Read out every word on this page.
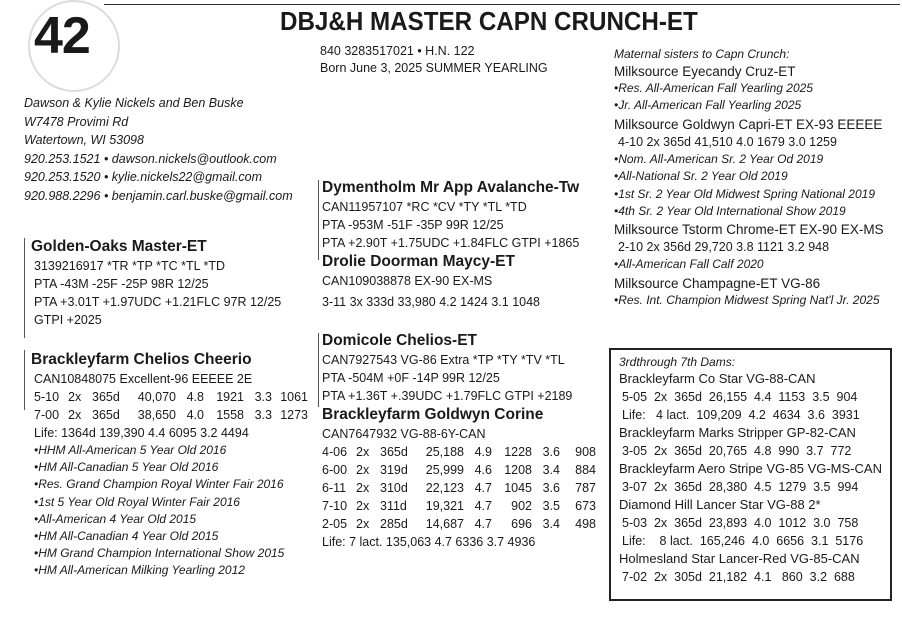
42	DBJ&H MASTER CAPN CRUNCH-ET
840 3283517021 • H.N. 122
Born June 3, 2025 SUMMER YEARLING
Dawson & Kylie Nickels and Ben Buske
W7478 Provimi Rd
Watertown, WI 53098
920.253.1521 • dawson.nickels@outlook.com
920.253.1520 • kylie.nickels22@gmail.com
920.988.2296 • benjamin.carl.buske@gmail.com Dymentholm Mr App Avalanche-Tw
CAN11957107 *RC *CV *TY *TL *TD
PTA -953M -51F -35P 99R 12/25
PTA +2.90T +1.75UDC +1.84FLC GTPI +1865
Drolie Doorman Maycy-ET
CAN109038878 EX-90 EX-MS
3-11 3x 333d 33,980 4.2 1424 3.1 1048
Domicole Chelios-ET
CAN7927543 VG-86 Extra *TP *TY *TV *TL
PTA -504M +0F -14P 99R 12/25
PTA +1.36T +.39UDC +1.79FLC GTPI +2189
Brackleyfarm Goldwyn Corine
CAN7647932 VG-88-6Y-CAN
4-06 2x 365d	25,188 4.9 1228 3.6	908
6-00 2x 319d	25,999 4.6 1208 3.4	884
6-11 2x 310d	22,123 4.7 1045 3.6	787
7-10 2x 311d	19,321 4.7	902 3.5	673
2-05 2x 285d	14,687 4.7	696 3.4	498
Life: 7 lact. 135,063 4.7 6336 3.7 4936
Golden-Oaks Master-ET
3139216917 *TR *TP *TC *TL *TD
PTA -43M -25F -25P 98R 12/25
PTA +3.01T +1.97UDC +1.21FLC 97R 12/25
GTPI +2025
Brackleyfarm Chelios Cheerio
CAN10848075 Excellent-96 EEEEE 2E
5-10 2x 365d	40,070 4.8 1921 3.3 1061
7-00 2x 365d	38,650 4.0 1558 3.3 1273
Life: 1364d 139,390 4.4 6095 3.2 4494
•HHM All-American 5 Year Old 2016
•HM All-Canadian 5 Year Old 2016
•Res. Grand Champion Royal Winter Fair 2016
•1st 5 Year Old Royal Winter Fair 2016
•All-American 4 Year Old 2015
•HM All-Canadian 4 Year Old 2015
•HM Grand Champion International Show 2015
•HM All-American Milking Yearling 2012
Maternal sisters to Capn Crunch:
Milksource Eyecandy Cruz-ET
•Res. All-American Fall Yearling 2025
•Jr. All-American Fall Yearling 2025
Milksource Goldwyn Capri-ET EX-93 EEEEE
4-10 2x 365d 41,510 4.0 1679 3.0 1259
•Nom. All-American Sr. 2 Year Od 2019
•All-National Sr. 2 Year Old 2019
•1st Sr. 2 Year Old Midwest Spring National 2019
•4th Sr. 2 Year Old International Show 2019
Milksource Tstorm Chrome-ET EX-90 EX-MS
2-10 2x 356d 29,720 3.8 1121 3.2 948
•All-American Fall Calf 2020
Milksource Champagne-ET VG-86
•Res. Int. Champion Midwest Spring Nat'l Jr. 2025
3rdthrough 7th Dams:
Brackleyfarm Co Star VG-88-CAN
5-05  2x  365d  26,155  4.4  1153  3.5  904
Life:   4 lact.  109,209  4.2  4634  3.6  3931
Brackleyfarm Marks Stripper GP-82-CAN
3-05  2x  365d  20,765  4.8  990  3.7  772
Brackleyfarm Aero Stripe VG-85 VG-MS-CAN
3-07  2x  365d  28,380  4.5  1279  3.5  994
Diamond Hill Lancer Star VG-88 2*
5-03  2x  365d  23,893  4.0  1012  3.0  758
Life:    8 lact.  165,246  4.0  6656  3.1  5176
Holmesland Star Lancer-Red VG-85-CAN
7-02  2x  305d  21,182  4.1   860  3.2  688
